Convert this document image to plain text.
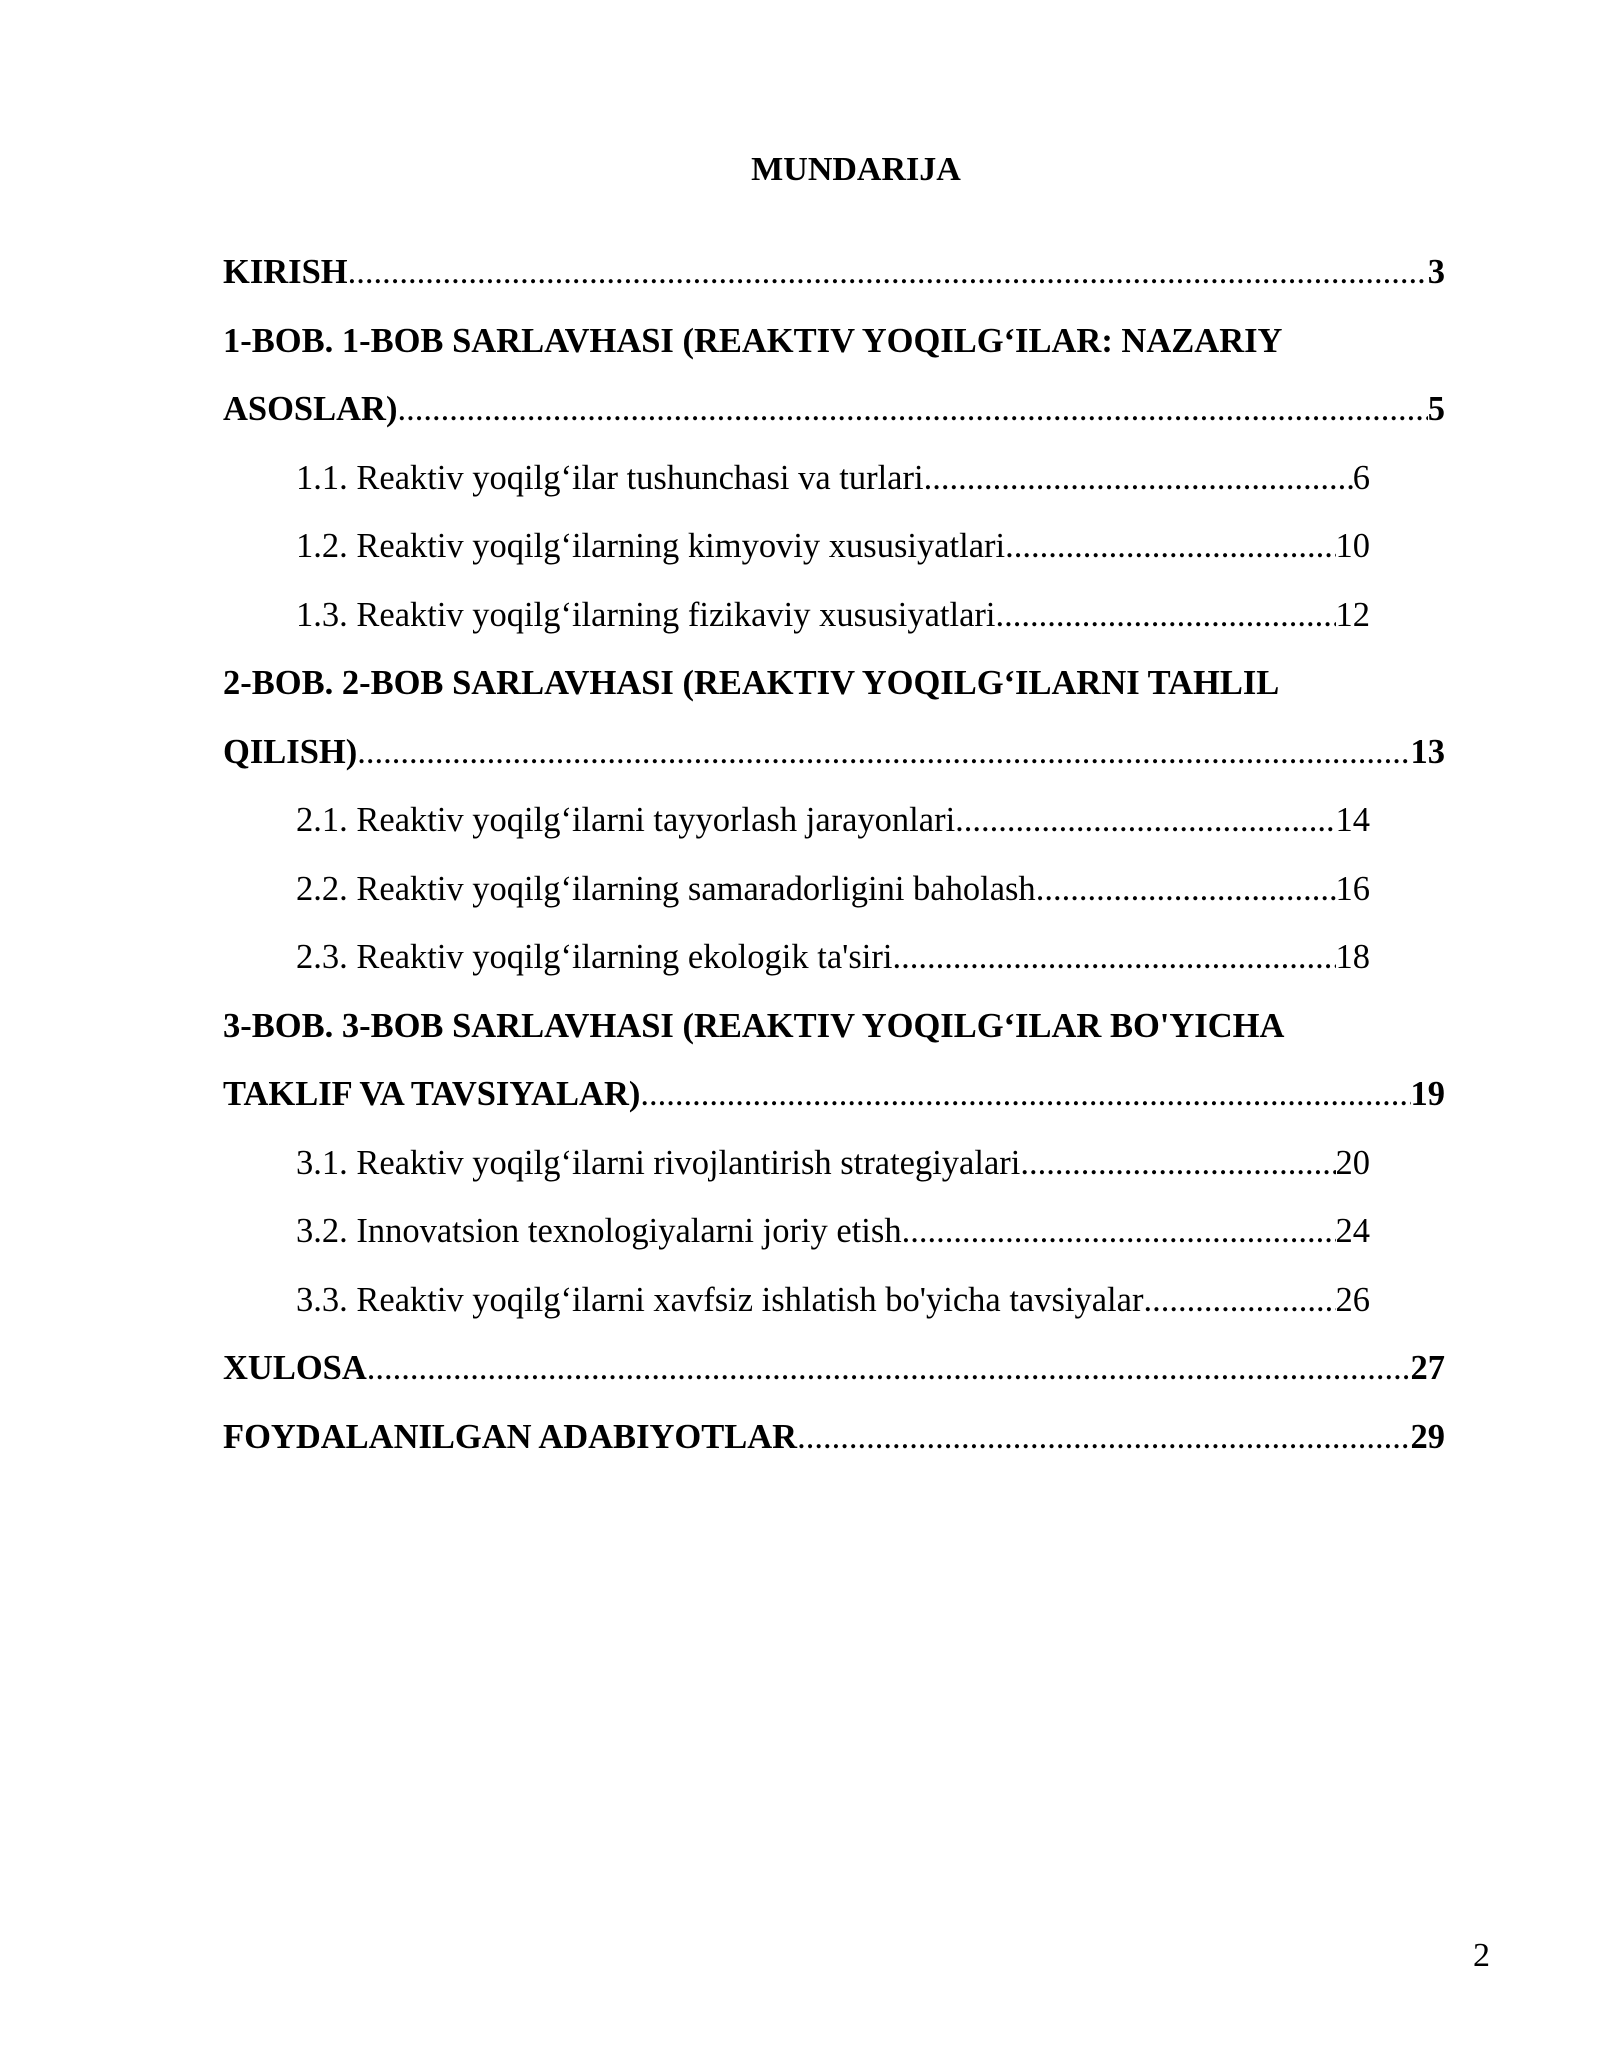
MUNDARIJA
KIRISH .....	3
1-BOB. 1-BOB SARLAVHASI (REAKTIV YOQILG‘ILAR: NAZARIY
ASOSLAR) .....	5
1.1. Reaktiv yoqilg‘ilar tushunchasi va turlari .....	6
1.2. Reaktiv yoqilg‘ilarning kimyoviy xususiyatlari .....	10
1.3. Reaktiv yoqilg‘ilarning fizikaviy xususiyatlari .....	12
2-BOB. 2-BOB SARLAVHASI (REAKTIV YOQILG‘ILARNI TAHLIL
QILISH) .....	13
2.1. Reaktiv yoqilg‘ilarni tayyorlash jarayonlari .....	14
2.2. Reaktiv yoqilg‘ilarning samaradorligini baholash .....	16
2.3. Reaktiv yoqilg‘ilarning ekologik ta'siri .....	18
3-BOB. 3-BOB SARLAVHASI (REAKTIV YOQILG‘ILAR BO'YICHA
TAKLIF VA TAVSIYALAR) .....	19
3.1. Reaktiv yoqilg‘ilarni rivojlantirish strategiyalari .....	20
3.2. Innovatsion texnologiyalarni joriy etish .....	24
3.3. Reaktiv yoqilg‘ilarni xavfsiz ishlatish bo'yicha tavsiyalar .....	26
XULOSA .....	27
FOYDALANILGAN ADABIYOTLAR .....	29
2
